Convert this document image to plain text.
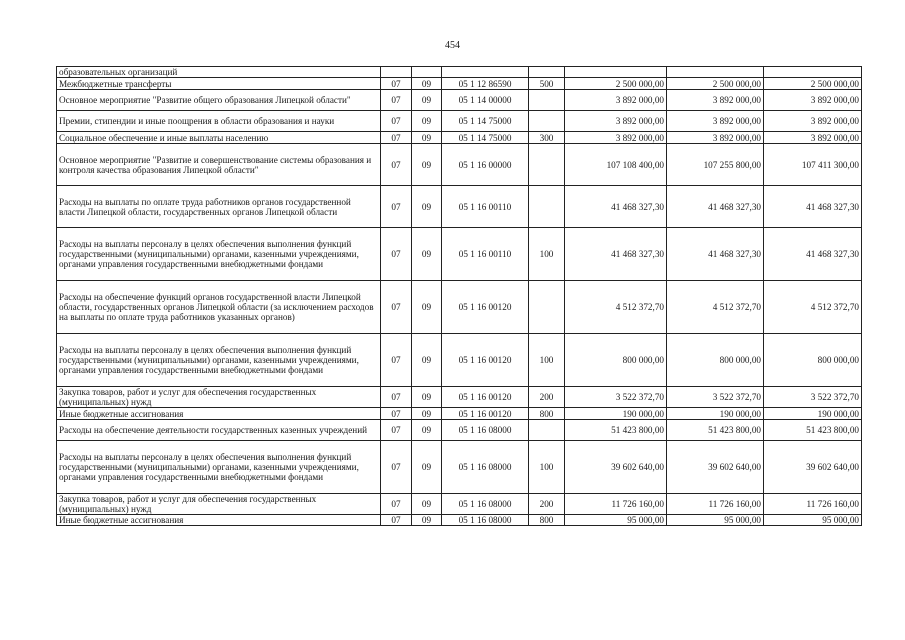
454
образовательных организаций							
Межбюджетные трансферты	07	09	05 1 12 86590	500	2 500 000,00	2 500 000,00	2 500 000,00
Основное мероприятие "Развитие общего образования Липецкой области"	07	09	05 1 14 00000		3 892 000,00	3 892 000,00	3 892 000,00
Премии, стипендии и иные поощрения в области образования и науки	07	09	05 1 14 75000		3 892 000,00	3 892 000,00	3 892 000,00
Социальное обеспечение и иные выплаты населению	07	09	05 1 14 75000	300	3 892 000,00	3 892 000,00	3 892 000,00
Основное мероприятие "Развитие и совершенствование системы образования и контроля качества образования Липецкой области"	07	09	05 1 16 00000		107 108 400,00	107 255 800,00	107 411 300,00
Расходы на выплаты по оплате труда работников органов государственной власти Липецкой области, государственных органов Липецкой области	07	09	05 1 16 00110		41 468 327,30	41 468 327,30	41 468 327,30
Расходы на выплаты персоналу в целях обеспечения выполнения функций государственными (муниципальными) органами, казенными учреждениями, органами управления государственными внебюджетными фондами	07	09	05 1 16 00110	100	41 468 327,30	41 468 327,30	41 468 327,30
Расходы на обеспечение функций органов государственной власти Липецкой области, государственных органов Липецкой области (за исключением расходов на выплаты по оплате труда работников указанных органов)	07	09	05 1 16 00120		4 512 372,70	4 512 372,70	4 512 372,70
Расходы на выплаты персоналу в целях обеспечения выполнения функций государственными (муниципальными) органами, казенными учреждениями, органами управления государственными внебюджетными фондами	07	09	05 1 16 00120	100	800 000,00	800 000,00	800 000,00
Закупка товаров, работ и услуг для обеспечения государственных (муниципальных) нужд	07	09	05 1 16 00120	200	3 522 372,70	3 522 372,70	3 522 372,70
Иные бюджетные ассигнования	07	09	05 1 16 00120	800	190 000,00	190 000,00	190 000,00
Расходы на обеспечение деятельности государственных казенных учреждений	07	09	05 1 16 08000		51 423 800,00	51 423 800,00	51 423 800,00
Расходы на выплаты персоналу в целях обеспечения выполнения функций государственными (муниципальными) органами, казенными учреждениями, органами управления государственными внебюджетными фондами	07	09	05 1 16 08000	100	39 602 640,00	39 602 640,00	39 602 640,00
Закупка товаров, работ и услуг для обеспечения государственных (муниципальных) нужд	07	09	05 1 16 08000	200	11 726 160,00	11 726 160,00	11 726 160,00
Иные бюджетные ассигнования	07	09	05 1 16 08000	800	95 000,00	95 000,00	95 000,00
